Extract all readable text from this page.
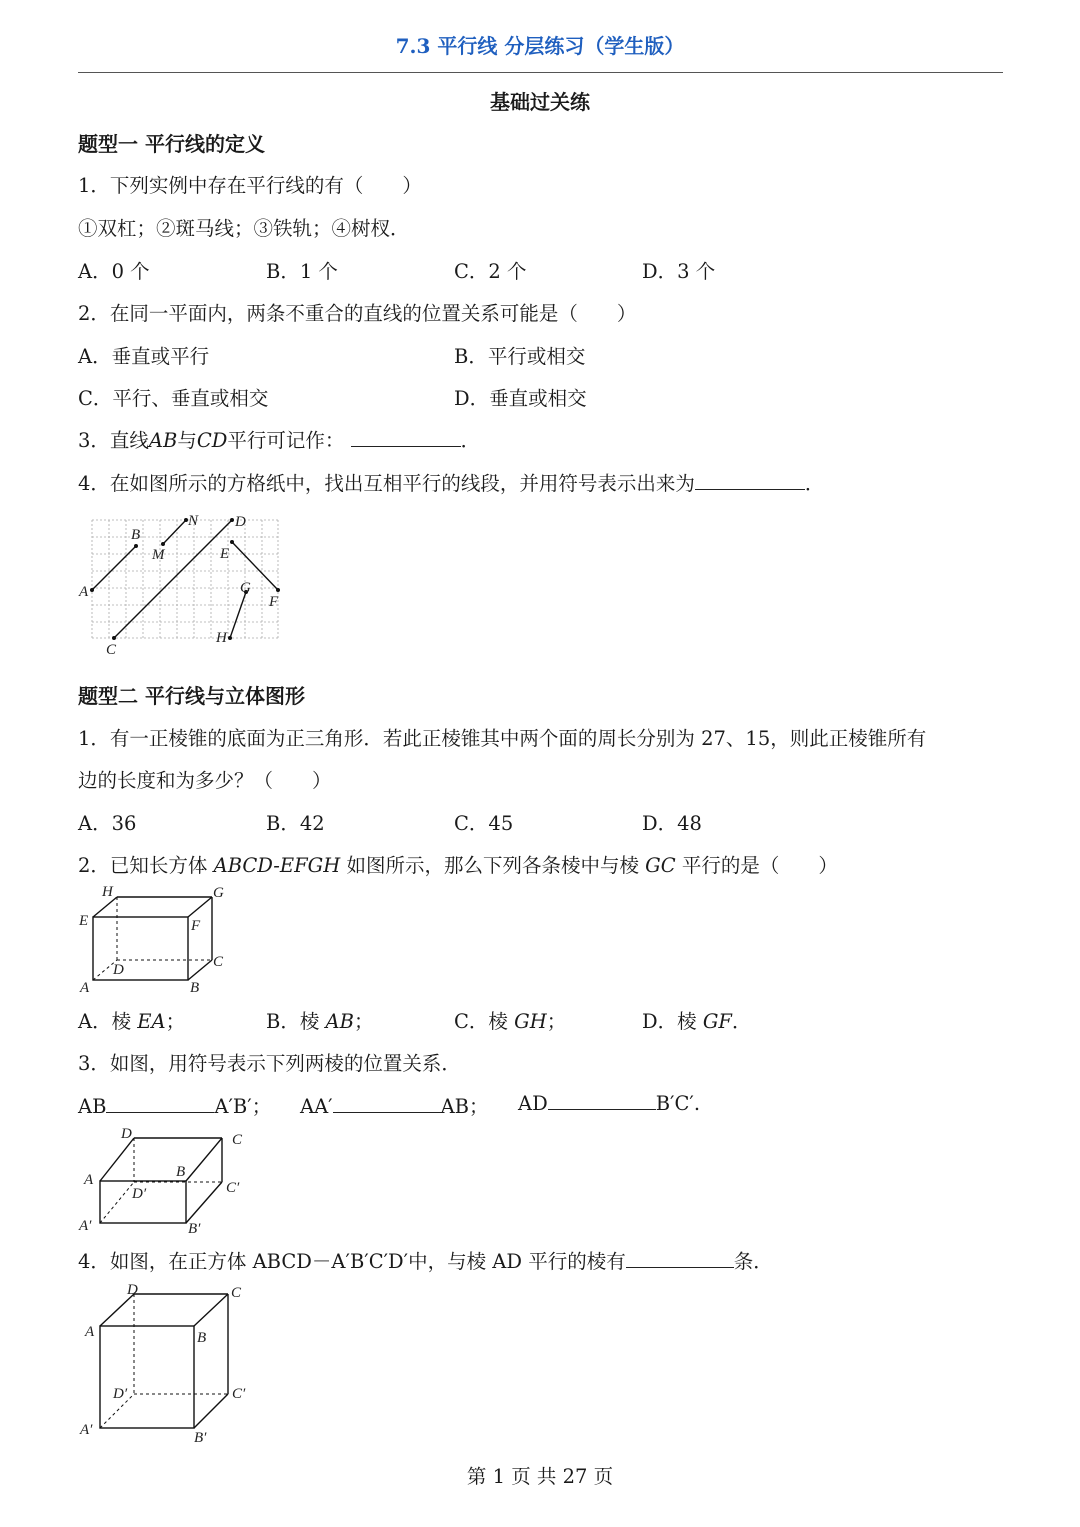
7.3 平行线 分层练习（学生版）
基础过关练
题型一 平行线的定义
1．下列实例中存在平行线的有（　　）
①双杠；②斑马线；③铁轨；④树杈．
A．0 个	B．1 个	C．2 个	D．3 个
2．在同一平面内，两条不重合的直线的位置关系可能是（　　）
A．垂直或平行	B．平行或相交
C．平行、垂直或相交	D．垂直或相交
3．直线AB与CD平行可记作：	．
4．在如图所示的方格纸中，找出互相平行的线段，并用符号表示出来为	．
A
B
M
N
C
D
E
F
G
H
题型二 平行线与立体图形
1．有一正棱锥的底面为正三角形．若此正棱锥其中两个面的周长分别为 27、15，则此正棱锥所有
边的长度和为多少？（　　）
A．36	B．42	C．45	D．48
2．已知长方体 ABCD-EFGH 如图所示，那么下列各条棱中与棱 GC 平行的是（　　）
H	G
E	F
D	C
A	B
A．棱 EA；	B．棱 AB；	C．棱 GH；	D．棱 GF．
3．如图，用符号表示下列两棱的位置关系．
AB	A′B′； AA′	AB； AD	B′C′.
D	C
A	B
D′	C′
A′	B′
4．如图，在正方体 ABCD－A′B′C′D′中，与棱 AD 平行的棱有	条．
D	C
A	B
D′	C′
A′	B′
第 1 页 共 27 页
